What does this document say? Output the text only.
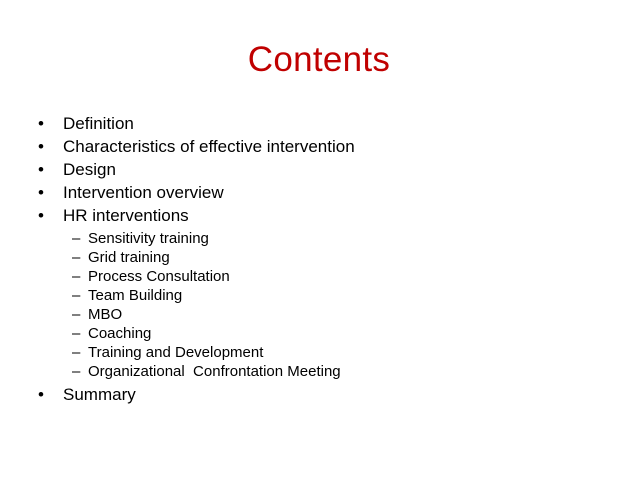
Contents
•	Definition
•	Characteristics of effective intervention
•	Design
•	Intervention overview
•	HR interventions
– Sensitivity training
– Grid training
– Process Consultation
– Team Building
– MBO
– Coaching
– Training and Development
– Organizational  Confrontation Meeting
•	Summary
